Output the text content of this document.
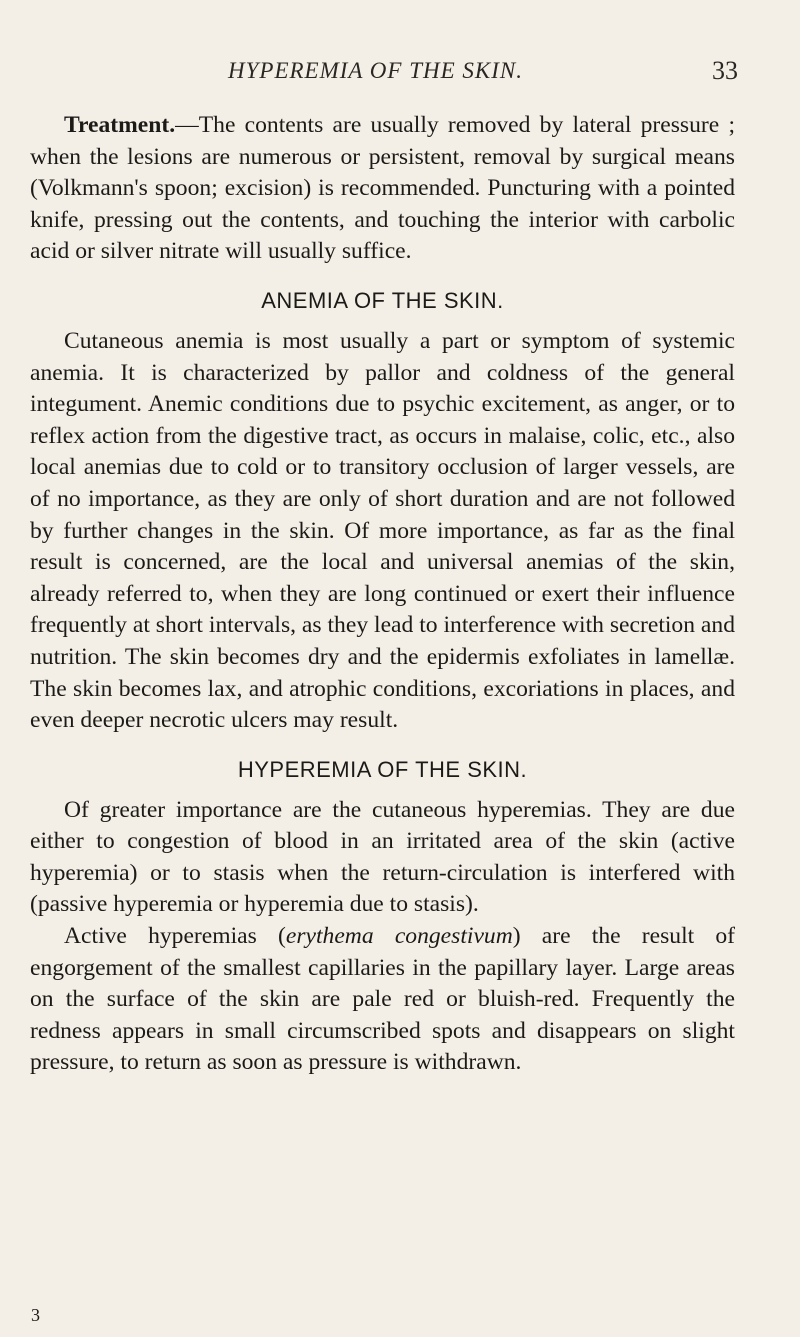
HYPEREMIA OF THE SKIN.	33

Treatment.—The contents are usually removed by lateral pressure ; when the lesions are numerous or persistent, removal by surgical means (Volkmann's spoon; excision) is recommended. Puncturing with a pointed knife, pressing out the contents, and touching the interior with carbolic acid or silver nitrate will usually suffice.

ANEMIA OF THE SKIN.

Cutaneous anemia is most usually a part or symptom of systemic anemia. It is characterized by pallor and coldness of the general integument. Anemic conditions due to psychic excitement, as anger, or to reflex action from the digestive tract, as occurs in malaise, colic, etc., also local anemias due to cold or to transitory occlusion of larger vessels, are of no importance, as they are only of short duration and are not followed by further changes in the skin. Of more importance, as far as the final result is concerned, are the local and universal anemias of the skin, already referred to, when they are long continued or exert their influence frequently at short intervals, as they lead to interference with secretion and nutrition. The skin becomes dry and the epidermis exfoliates in lamellæ. The skin becomes lax, and atrophic conditions, excoriations in places, and even deeper necrotic ulcers may result.

HYPEREMIA OF THE SKIN.

Of greater importance are the cutaneous hyperemias. They are due either to congestion of blood in an irritated area of the skin (active hyperemia) or to stasis when the return-circulation is interfered with (passive hyperemia or hyperemia due to stasis).

Active hyperemias (erythema congestivum) are the result of engorgement of the smallest capillaries in the papillary layer. Large areas on the surface of the skin are pale red or bluish-red. Frequently the redness appears in small circumscribed spots and disappears on slight pressure, to return as soon as pressure is withdrawn.

3
